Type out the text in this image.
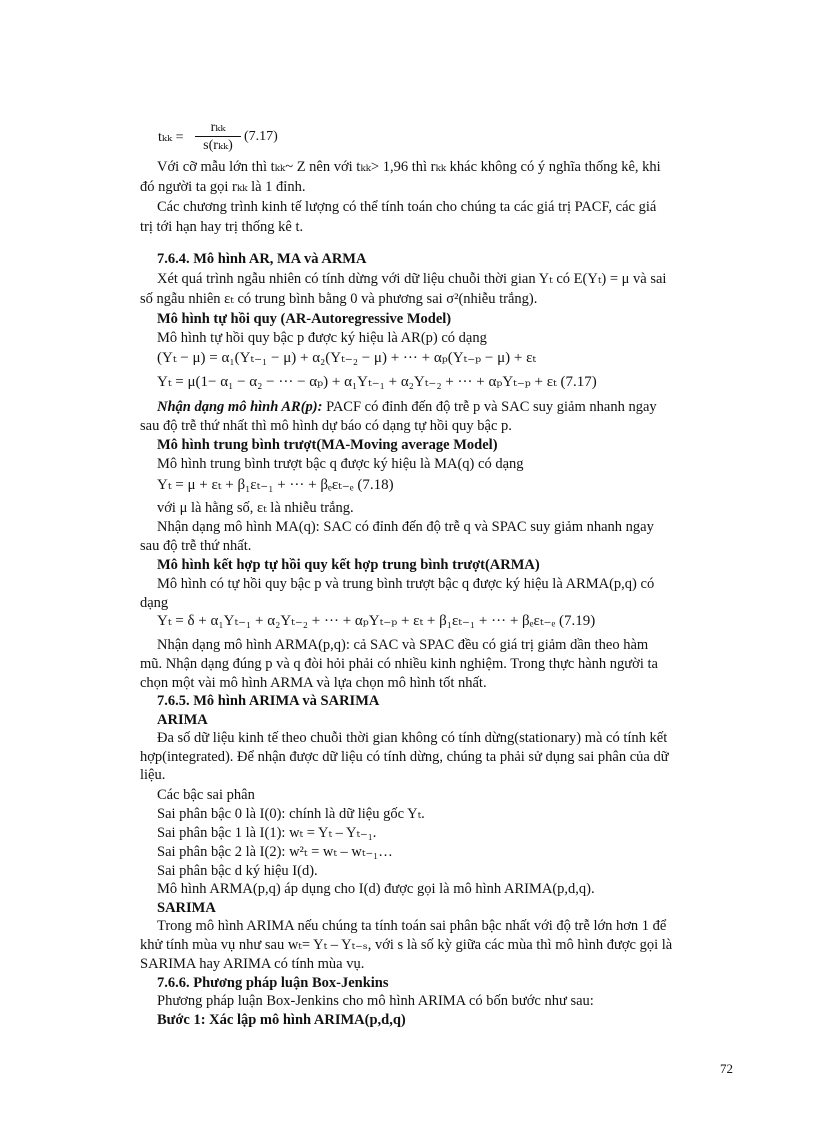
tₖₖ =
rₖₖ
s(rₖₖ)
(7.17)
Với cỡ mẫu lớn thì tₖₖ~ Z nên với tₖₖ> 1,96 thì rₖₖ khác không có ý nghĩa thống kê, khi
đó người ta gọi rₖₖ là 1 đỉnh.
Các chương trình kinh tế lượng có thể tính toán cho chúng ta các giá trị PACF, các giá
trị tới hạn hay trị thống kê t.
7.6.4. Mô hình AR, MA và ARMA
Xét quá trình ngẫu nhiên có tính dừng với dữ liệu chuỗi thời gian Yₜ có E(Yₜ) = μ và sai
số ngẫu nhiên εₜ có trung bình bằng 0 và phương sai σ²(nhiễu trắng).
Mô hình tự hồi quy (AR-Autoregressive Model)
Mô hình tự hồi quy bậc p được ký hiệu là AR(p) có dạng
(Yₜ − μ) = α₁(Yₜ₋₁ − μ) + α₂(Yₜ₋₂ − μ) + ··· + αₚ(Yₜ₋ₚ − μ) + εₜ
Yₜ = μ(1− α₁ − α₂ − ··· − αₚ) + α₁Yₜ₋₁ + α₂Yₜ₋₂ + ··· + αₚYₜ₋ₚ + εₜ (7.17)
Nhận dạng mô hình AR(p): PACF có đỉnh đến độ trễ p và SAC suy giảm nhanh ngay
sau độ trễ thứ nhất thì mô hình dự báo có dạng tự hồi quy bậc p.
Mô hình trung bình trượt(MA-Moving average Model)
Mô hình trung bình trượt bậc q được ký hiệu là MA(q) có dạng
Yₜ = μ + εₜ + β₁εₜ₋₁ + ··· + βₑεₜ₋ₑ (7.18)
với μ là hằng số, εₜ là nhiễu trắng.
Nhận dạng mô hình MA(q): SAC có đỉnh đến độ trễ q và SPAC suy giảm nhanh ngay
sau độ trễ thứ nhất.
Mô hình kết hợp tự hồi quy kết hợp trung bình trượt(ARMA)
Mô hình có tự hồi quy bậc p và trung bình trượt bậc q được ký hiệu là ARMA(p,q) có
dạng
Yₜ = δ + α₁Yₜ₋₁ + α₂Yₜ₋₂ + ··· + αₚYₜ₋ₚ + εₜ + β₁εₜ₋₁ + ··· + βₑεₜ₋ₑ (7.19)
Nhận dạng mô hình ARMA(p,q): cả SAC và SPAC đều có giá trị giảm dần theo hàm
mũ. Nhận dạng đúng p và q đòi hỏi phải có nhiều kinh nghiệm. Trong thực hành người ta
chọn một vài mô hình ARMA và lựa chọn mô hình tốt nhất.
7.6.5. Mô hình ARIMA và SARIMA
ARIMA
Đa số dữ liệu kinh tế theo chuỗi thời gian không có tính dừng(stationary) mà có tính kết
hợp(integrated). Để nhận được dữ liệu có tính dừng, chúng ta phải sử dụng sai phân của dữ
liệu.
Các bậc sai phân
Sai phân bậc 0 là I(0): chính là dữ liệu gốc Yₜ.
Sai phân bậc 1 là I(1): wₜ = Yₜ – Yₜ₋₁.
Sai phân bậc 2 là I(2): w²ₜ = wₜ – wₜ₋₁…
Sai phân bậc d ký hiệu I(d).
Mô hình ARMA(p,q) áp dụng cho I(d) được gọi là mô hình ARIMA(p,d,q).
SARIMA
Trong mô hình ARIMA nếu chúng ta tính toán sai phân bậc nhất với độ trễ lớn hơn 1 để
khử tính mùa vụ như sau wₜ= Yₜ – Yₜ₋ₛ, với s là số kỳ giữa các mùa thì mô hình được gọi là
SARIMA hay ARIMA có tính mùa vụ.
7.6.6. Phương pháp luận Box-Jenkins
Phương pháp luận Box-Jenkins cho mô hình ARIMA có bốn bước như sau:
Bước 1: Xác lập mô hình ARIMA(p,d,q)
72
